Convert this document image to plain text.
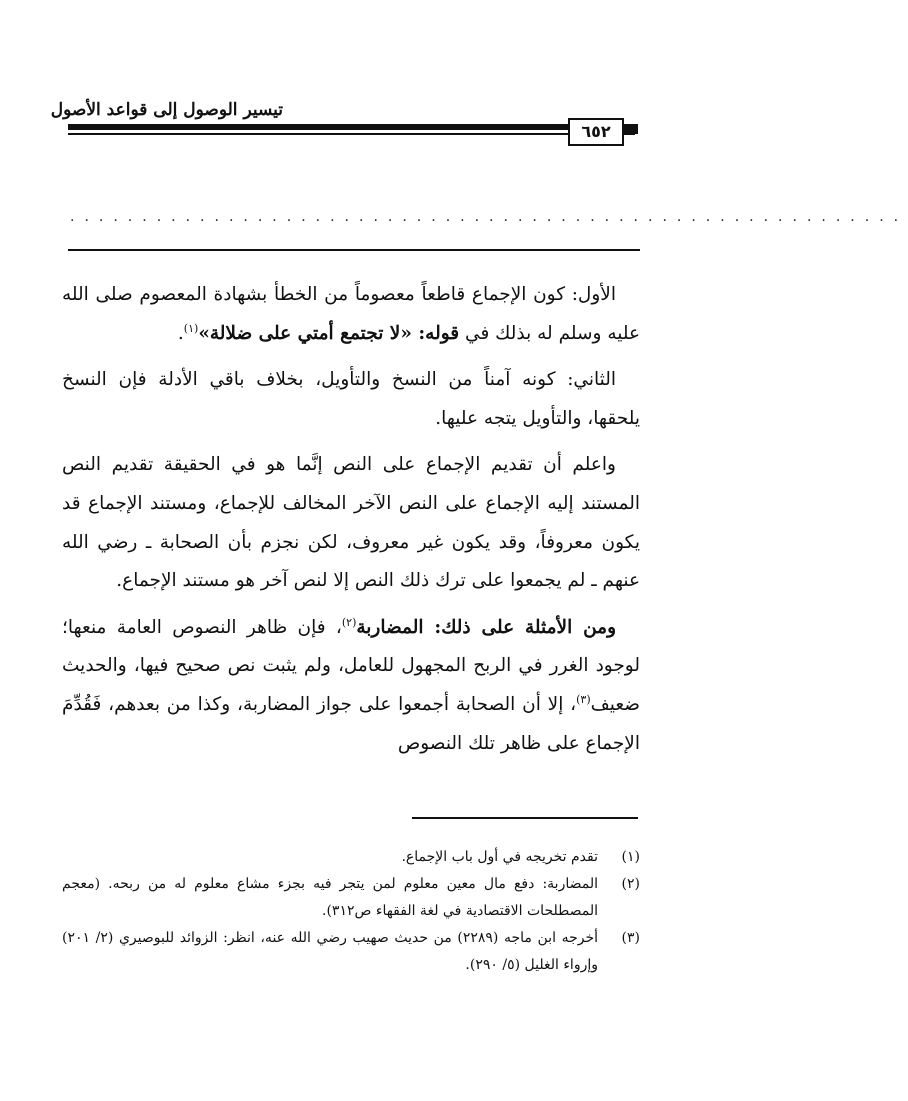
تيسير الوصول إلى قواعد الأصول
٦٥٢
..........................................................

الأول: كون الإجماع قاطعاً معصوماً من الخطأ بشهادة المعصوم صلى الله عليه وسلم له بذلك في قوله: «لا تجتمع أمتي على ضلالة»$^{(١)}$.

الثاني: كونه آمناً من النسخ والتأويل، بخلاف باقي الأدلة فإن النسخ يلحقها، والتأويل يتجه عليها.

واعلم أن تقديم الإجماع على النص إنَّما هو في الحقيقة تقديم النص المستند إليه الإجماع على النص الآخر المخالف للإجماع، ومستند الإجماع قد يكون معروفاً، وقد يكون غير معروف، لكن نجزم بأن الصحابة ـ رضي الله عنهم ـ لم يجمعوا على ترك ذلك النص إلا لنص آخر هو مستند الإجماع.

ومن الأمثلة على ذلك: المضاربة$^{(٢)}$، فإن ظاهر النصوص العامة منعها؛ لوجود الغرر في الربح المجهول للعامل، ولم يثبت نص صحيح فيها، والحديث ضعيف$^{(٣)}$، إلا أن الصحابة أجمعوا على جواز المضاربة، وكذا من بعدهم، فَقُدِّمَ الإجماع على ظاهر تلك النصوص

(١)
تقدم تخريجه في أول باب الإجماع.
(٢)
المضاربة: دفع مال معين معلوم لمن يتجر فيه بجزء مشاع معلوم له من ربحه. (معجم المصطلحات الاقتصادية في لغة الفقهاء ص٣١٢).
(٣)
أخرجه ابن ماجه (٢٢٨٩) من حديث صهيب رضي الله عنه، انظر: الزوائد للبوصيري (٢/ ٢٠١) وإرواء الغليل (٥/ ٢٩٠).
